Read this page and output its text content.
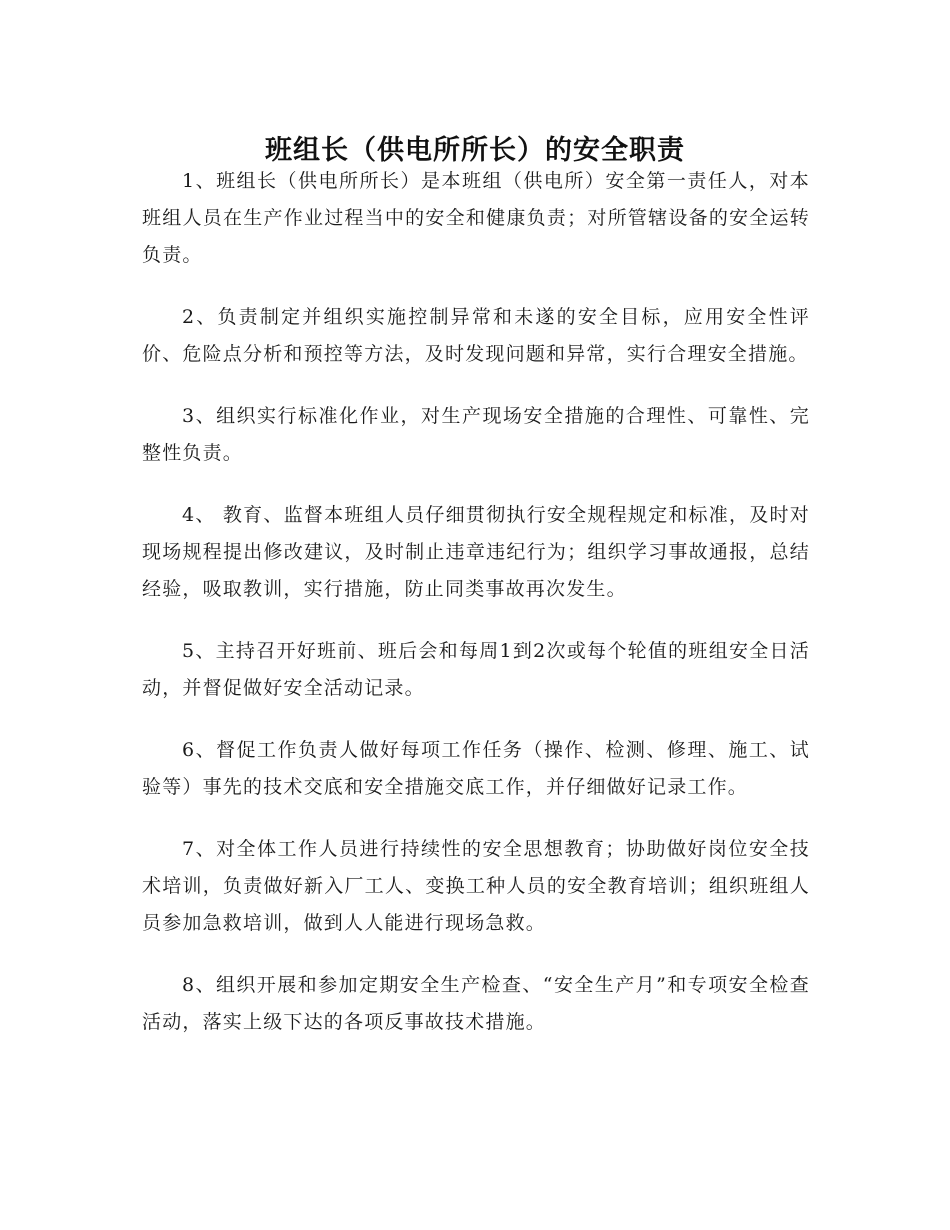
班组长（供电所所长）的安全职责

1、班组长（供电所所长）是本班组（供电所）安全第一责任人，对本班组人员在生产作业过程当中的安全和健康负责；对所管辖设备的安全运转负责。

2、负责制定并组织实施控制异常和未遂的安全目标，应用安全性评价、危险点分析和预控等方法，及时发现问题和异常，实行合理安全措施。

3、组织实行标准化作业，对生产现场安全措施的合理性、可靠性、完整性负责。

4、 教育、监督本班组人员仔细贯彻执行安全规程规定和标准，及时对现场规程提出修改建议，及时制止违章违纪行为；组织学习事故通报，总结经验，吸取教训，实行措施，防止同类事故再次发生。

5、主持召开好班前、班后会和每周1到2次或每个轮值的班组安全日活动，并督促做好安全活动记录。

6、督促工作负责人做好每项工作任务（操作、检测、修理、施工、试验等）事先的技术交底和安全措施交底工作，并仔细做好记录工作。

7、对全体工作人员进行持续性的安全思想教育；协助做好岗位安全技术培训，负责做好新入厂工人、变换工种人员的安全教育培训；组织班组人员参加急救培训，做到人人能进行现场急救。

8、组织开展和参加定期安全生产检查、“安全生产月”和专项安全检查活动，落实上级下达的各项反事故技术措施。
